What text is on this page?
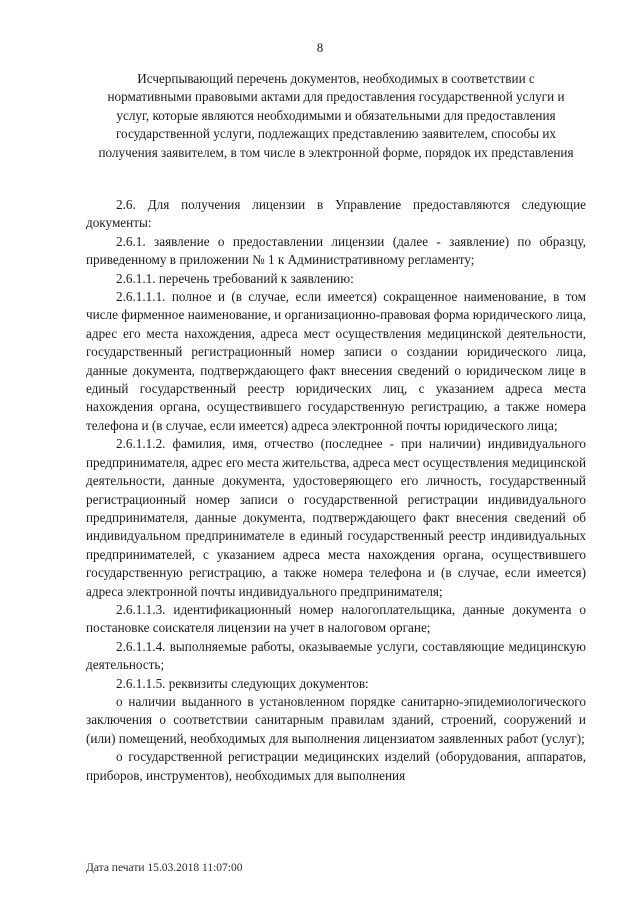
8
Исчерпывающий перечень документов, необходимых в соответствии с нормативными правовыми актами для предоставления государственной услуги и услуг, которые являются необходимыми и обязательными для предоставления государственной услуги, подлежащих представлению заявителем, способы их получения заявителем, в том числе в электронной форме, порядок их представления

2.6. Для получения лицензии в Управление предоставляются следующие документы:

2.6.1. заявление о предоставлении лицензии (далее - заявление) по образцу, приведенному в приложении № 1 к Административному регламенту;

2.6.1.1. перечень требований к заявлению:

2.6.1.1.1. полное и (в случае, если имеется) сокращенное наименование, в том числе фирменное наименование, и организационно-правовая форма юридического лица, адрес его места нахождения, адреса мест осуществления медицинской деятельности, государственный регистрационный номер записи о создании юридического лица, данные документа, подтверждающего факт внесения сведений о юридическом лице в единый государственный реестр юридических лиц, с указанием адреса места нахождения органа, осуществившего государственную регистрацию, а также номера телефона и (в случае, если имеется) адреса электронной почты юридического лица;

2.6.1.1.2. фамилия, имя, отчество (последнее - при наличии) индивидуального предпринимателя, адрес его места жительства, адреса мест осуществления медицинской деятельности, данные документа, удостоверяющего его личность, государственный регистрационный номер записи о государственной регистрации индивидуального предпринимателя, данные документа, подтверждающего факт внесения сведений об индивидуальном предпринимателе в единый государственный реестр индивидуальных предпринимателей, с указанием адреса места нахождения органа, осуществившего государственную регистрацию, а также номера телефона и (в случае, если имеется) адреса электронной почты индивидуального предпринимателя;

2.6.1.1.3. идентификационный номер налогоплательщика, данные документа о постановке соискателя лицензии на учет в налоговом органе;

2.6.1.1.4. выполняемые работы, оказываемые услуги, составляющие медицинскую деятельность;

2.6.1.1.5. реквизиты следующих документов:

о наличии выданного в установленном порядке санитарно-эпидемиологического заключения о соответствии санитарным правилам зданий, строений, сооружений и (или) помещений, необходимых для выполнения лицензиатом заявленных работ (услуг);

о государственной регистрации медицинских изделий (оборудования, аппаратов, приборов, инструментов), необходимых для выполнения

Дата печати 15.03.2018 11:07:00
